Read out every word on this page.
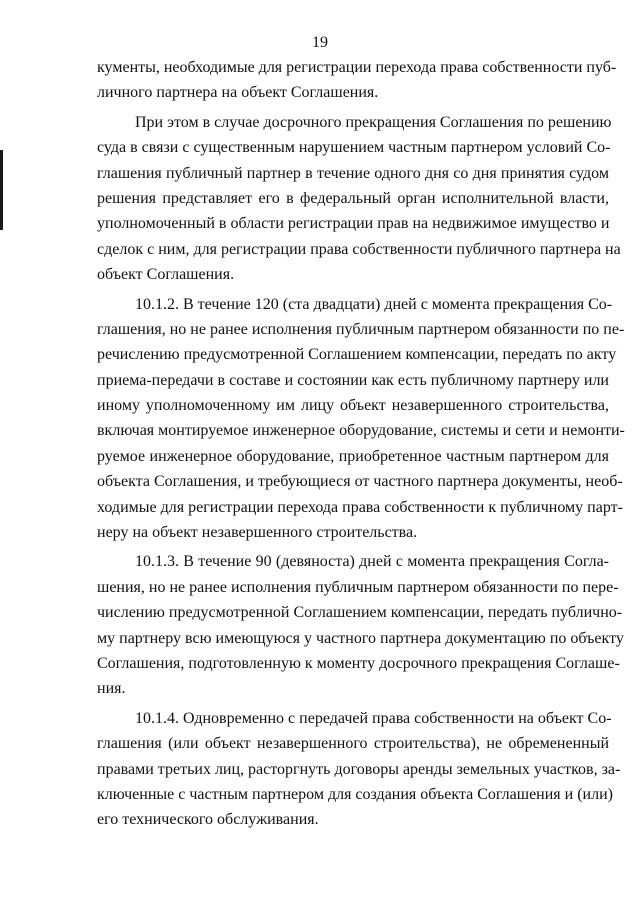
19
кументы, необходимые для регистрации перехода права собственности пуб-
личного партнера на объект Соглашения.
При этом в случае досрочного прекращения Соглашения по решению
суда в связи с существенным нарушением частным партнером условий Со-
глашения публичный партнер в течение одного дня со дня принятия судом
решения представляет его в федеральный орган исполнительной власти,
уполномоченный в области регистрации прав на недвижимое имущество и
сделок с ним, для регистрации права собственности публичного партнера на
объект Соглашения.
10.1.2. В течение 120 (ста двадцати) дней с момента прекращения Со-
глашения, но не ранее исполнения публичным партнером обязанности по пе-
речислению предусмотренной Соглашением компенсации, передать по акту
приема-передачи в составе и состоянии как есть публичному партнеру или
иному уполномоченному им лицу объект незавершенного строительства,
включая монтируемое инженерное оборудование, системы и сети и немонти-
руемое инженерное оборудование, приобретенное частным партнером для
объекта Соглашения, и требующиеся от частного партнера документы, необ-
ходимые для регистрации перехода права собственности к публичному парт-
неру на объект незавершенного строительства.
10.1.3. В течение 90 (девяноста) дней с момента прекращения Согла-
шения, но не ранее исполнения публичным партнером обязанности по пере-
числению предусмотренной Соглашением компенсации, передать публично-
му партнеру всю имеющуюся у частного партнера документацию по объекту
Соглашения, подготовленную к моменту досрочного прекращения Соглаше-
ния.
10.1.4. Одновременно с передачей права собственности на объект Со-
глашения (или объект незавершенного строительства), не обремененный
правами третьих лиц, расторгнуть договоры аренды земельных участков, за-
ключенные с частным партнером для создания объекта Соглашения и (или)
его технического обслуживания.
